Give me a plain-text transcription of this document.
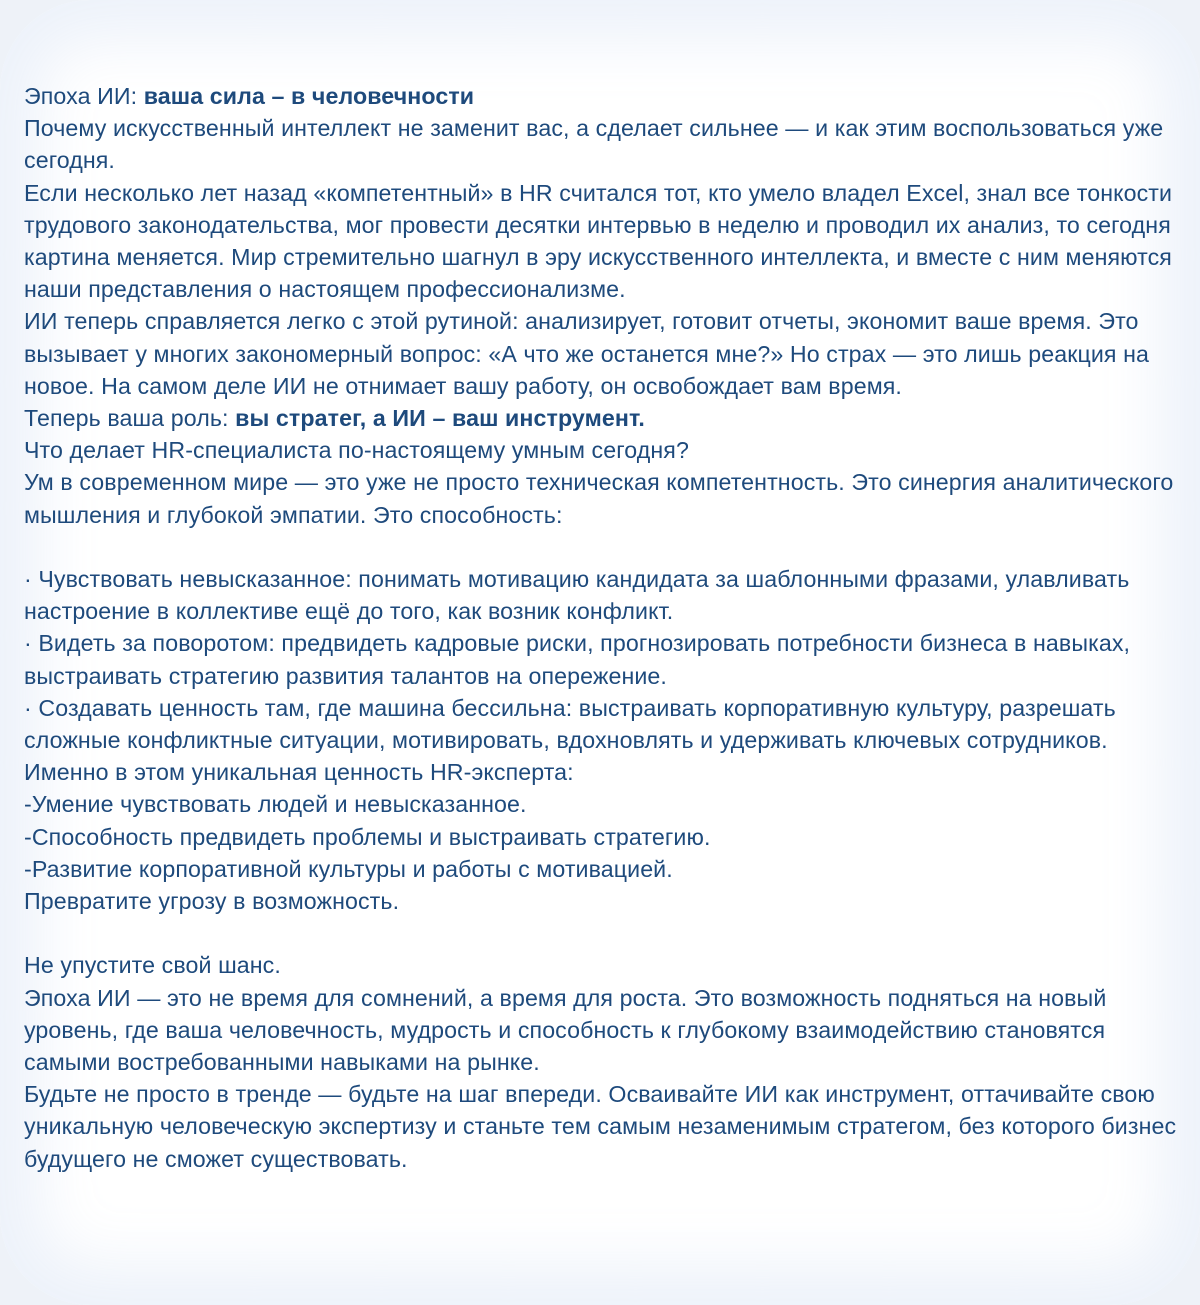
Эпоха ИИ: ваша сила – в человечности

Почему искусственный интеллект не заменит вас, а сделает сильнее — и как этим воспользоваться уже сегодня.

Если несколько лет назад «компетентный» в HR считался тот, кто умело владел Excel, знал все тонкости трудового законодательства, мог провести десятки интервью в неделю и проводил их анализ, то сегодня картина меняется. Мир стремительно шагнул в эру искусственного интеллекта, и вместе с ним меняются наши представления о настоящем профессионализме.

ИИ теперь справляется легко с этой рутиной: анализирует, готовит отчеты, экономит ваше время. Это вызывает у многих закономерный вопрос: «А что же останется мне?» Но страх — это лишь реакция на новое. На самом деле ИИ не отнимает вашу работу, он освобождает вам время.

Теперь ваша роль: вы стратег, а ИИ – ваш инструмент.

Что делает HR-специалиста по-настоящему умным сегодня?

Ум в современном мире — это уже не просто техническая компетентность. Это синергия аналитического мышления и глубокой эмпатии. Это способность:

· Чувствовать невысказанное: понимать мотивацию кандидата за шаблонными фразами, улавливать настроение в коллективе ещё до того, как возник конфликт.

· Видеть за поворотом: предвидеть кадровые риски, прогнозировать потребности бизнеса в навыках, выстраивать стратегию развития талантов на опережение.

· Создавать ценность там, где машина бессильна: выстраивать корпоративную культуру, разрешать сложные конфликтные ситуации, мотивировать, вдохновлять и удерживать ключевых сотрудников.

Именно в этом уникальная ценность HR-эксперта:

-Умение чувствовать людей и невысказанное.

-Способность предвидеть проблемы и выстраивать стратегию.

-Развитие корпоративной культуры и работы с мотивацией.

Превратите угрозу в возможность.

Не упустите свой шанс.

Эпоха ИИ — это не время для сомнений, а время для роста. Это возможность подняться на новый уровень, где ваша человечность, мудрость и способность к глубокому взаимодействию становятся самыми востребованными навыками на рынке.

Будьте не просто в тренде — будьте на шаг впереди. Осваивайте ИИ как инструмент, оттачивайте свою уникальную человеческую экспертизу и станьте тем самым незаменимым стратегом, без которого бизнес будущего не сможет существовать.
